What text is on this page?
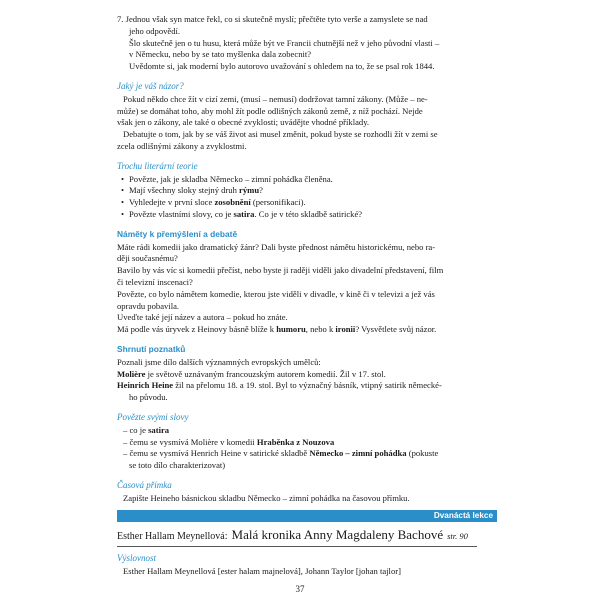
7. Jednou však syn matce řekl, co si skutečně myslí; přečtěte tyto verše a zamyslete se nad

jeho odpovědí.

Šlo skutečně jen o tu husu, která může být ve Francii chutnější než v jeho původní vlasti –

v Německu, nebo by se tato myšlenka dala zobecnit?

Uvědomte si, jak moderní bylo autorovo uvažování s ohledem na to, že se psal rok 1844.

Jaký je váš názor?

Pokud někdo chce žít v cizí zemi, (musí – nemusí) dodržovat tamní zákony. (Může – ne-

může) se domáhat toho, aby mohl žít podle odlišných zákonů země, z níž pochází. Nejde

však jen o zákony, ale také o obecné zvyklosti; uvádějte vhodné příklady.

Debatujte o tom, jak by se váš život asi musel změnit, pokud byste se rozhodli žít v zemi se

zcela odlišnými zákony a zvyklostmi.

Trochu literární teorie

• Povězte, jak je skladba Německo – zimní pohádka členěna.
• Mají všechny sloky stejný druh rýmu?
• Vyhledejte v první sloce zosobnění (personifikaci).
• Povězte vlastními slovy, co je satira. Co je v této skladbě satirické?

Náměty k přemýšlení a debatě

Máte rádi komedii jako dramatický žánr? Dali byste přednost námětu historickému, nebo ra-

ději současnému?

Bavilo by vás víc si komedii přečíst, nebo byste ji raději viděli jako divadelní představení, film

či televizní inscenaci?

Povězte, co bylo námětem komedie, kterou jste viděli v divadle, v kině či v televizi a jež vás

opravdu pobavila.

Uveďte také její název a autora – pokud ho znáte.

Má podle vás úryvek z Heinovy básně blíže k humoru, nebo k ironii? Vysvětlete svůj názor.

Shrnutí poznatků

Poznali jsme dílo dalších významných evropských umělců:

Molière je světově uznávaným francouzským autorem komedií. Žil v 17. stol.

Heinrich Heine žil na přelomu 18. a 19. stol. Byl to význačný básník, vtipný satirik německé-

ho původu.

Povězte svými slovy

– co je satira

– čemu se vysmívá Molière v komedii Hraběnka z Nouzova

– čemu se vysmívá Henrich Heine v satirické skladbě Německo – zimní pohádka (pokuste

se toto dílo charakterizovat)

Časová přímka

Zapište Heineho básnickou skladbu Německo – zimní pohádka na časovou přímku.

Dvanáctá lekce
Esther Hallam Meynellová: Malá kronika Anny Magdaleny Bachové str. 90

Výslovnost

Esther Hallam Meynellová [ester halam majnelová], Johann Taylor [johan tajlor]

37
